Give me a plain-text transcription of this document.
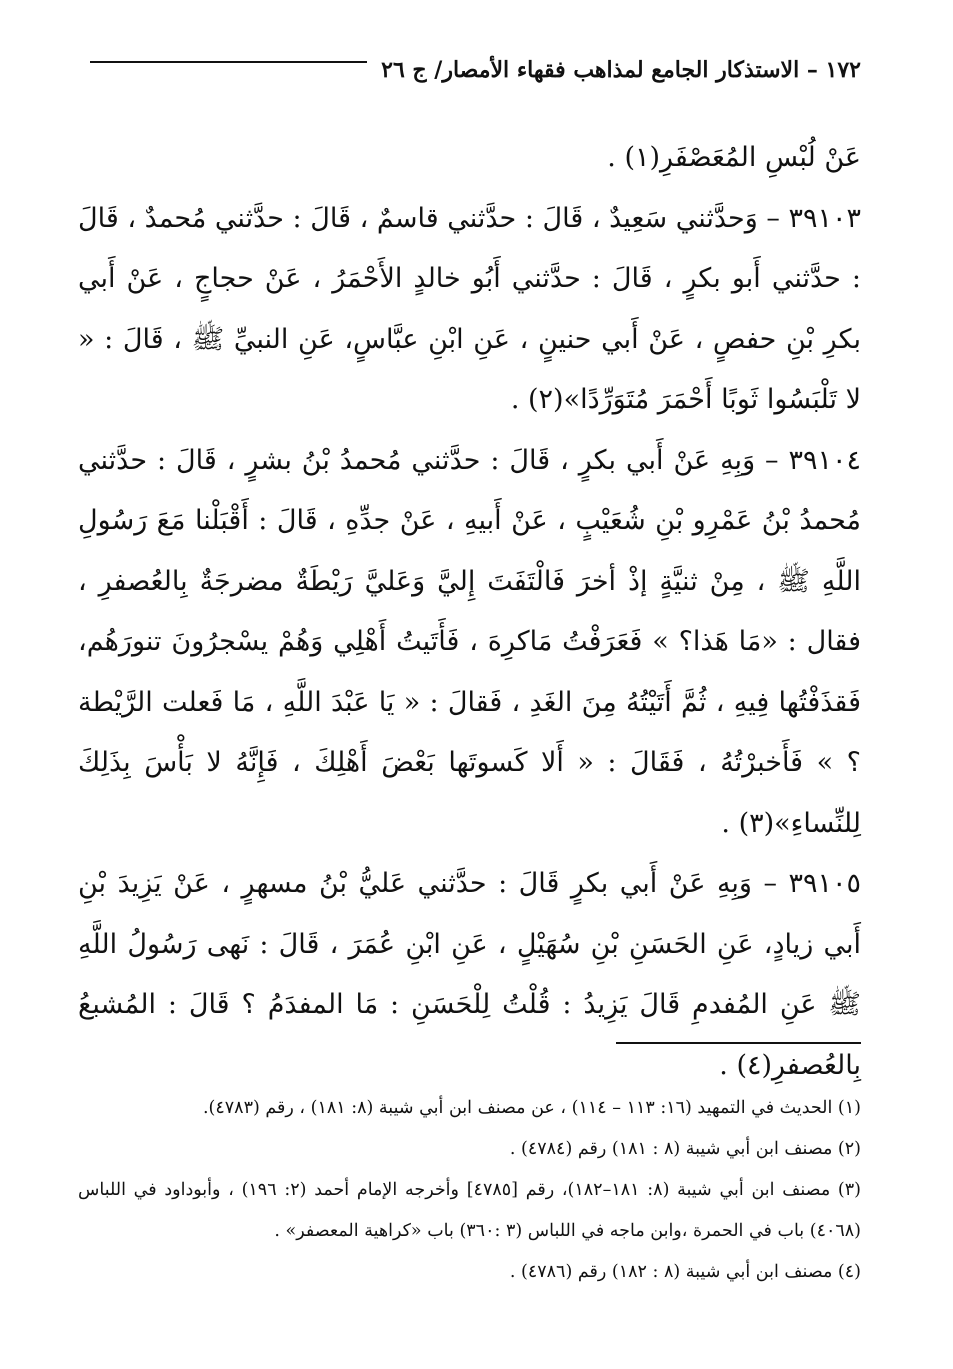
١٧٢ – الاستذكار الجامع لمذاهب فقهاء الأمصار/ ج ٢٦

عَنْ لُبْسِ المُعَصْفَرِ(١) .

٣٩١٠٣ – وَحدَّثني سَعِيدٌ ، قَالَ : حدَّثني قاسمٌ ، قَالَ : حدَّثني مُحمدٌ ، قَالَ : حدَّثني أَبو بكرٍ ، قَالَ : حدَّثني أَبُو خالدٍ الأَحْمَرُ ، عَنْ حجاجٍ ، عَنْ أَبي بكرِ بْنِ حفصٍ ، عَنْ أَبي حنينٍ ، عَنِ ابْنِ عبَّاسٍ، عَنِ النبيِّ ﷺ ، قَالَ : « لا تَلْبَسُوا ثَوبًا أَحْمَرَ مُتَوَرِّدًا»(٢) .

٣٩١٠٤ – وَبِهِ عَنْ أَبي بكرٍ ، قَالَ : حدَّثني مُحمدُ بْنُ بشرٍ ، قَالَ : حدَّثني مُحمدُ بْنُ عَمْرِو بْنِ شُعَيْبٍ ، عَنْ أَبيهِ ، عَنْ جدِّهِ ، قَالَ : أَقْبَلْنا مَعَ رَسُولِ اللَّهِ ﷺ ، مِنْ ثنيَّةٍ إذْ أخرَ فَالْتَفَتَ إِليَّ وَعَليَّ رَيْطَةٌ مضرجَةٌ بِالعُصفرِ ، فقال : «مَا هَذا؟ » فَعَرَفْتُ مَاكرِهَ ، فَأَتَيتُ أَهْلِي وَهُمْ يسْجرُونَ تنورَهُم، فَقذَفْتُها فِيهِ ، ثُمَّ أَتَيْتُهُ مِنَ الغَدِ ، فَقالَ : « يَا عَبْدَ اللَّهِ ، مَا فَعلت الرَّيْطة ؟ » فَأَخبرْتُهُ ، فَقَالَ : « أَلا كَسوتَها بَعْضَ أَهْلِكَ ، فَإِنَّهُ لا بَأْسَ بِذَلِكَ لِلنِّساءِ»(٣) .

٣٩١٠٥ – وَبِهِ عَنْ أَبي بكرٍ قَالَ : حدَّثني عَليُّ بْنُ مسهرٍ ، عَنْ يَزِيدَ بْنِ أَبي زيادٍ، عَنِ الحَسَنِ بْنِ سُهَيْلٍ ، عَنِ ابْنِ عُمَرَ ، قَالَ : نَهى رَسُولُ اللَّهِ ﷺ عَنِ المُفدمِ قَالَ يَزِيدُ : قُلْتُ لِلْحَسَنِ : مَا المفدَمُ ؟ قَالَ : المُشبعُ بِالعُصفرِ(٤) .

(١) الحديث في التمهيد (١٦: ١١٣ – ١١٤) ، عن مصنف ابن أبي شيبة (٨: ١٨١) ، رقم (٤٧٨٣).

(٢) مصنف ابن أبي شيبة (٨ : ١٨١) رقم (٤٧٨٤) .

(٣) مصنف ابن أبي شيبة (٨: ١٨١–١٨٢)، رقم [٤٧٨٥] وأخرجه الإمام أحمد (٢: ١٩٦) ، وأبوداود في اللباس (٤٠٦٨) باب في الحمرة ،وابن ماجه في اللباس (٣ :٣٦٠) باب «كراهية المعصفر» .

(٤) مصنف ابن أبي شيبة (٨ : ١٨٢) رقم (٤٧٨٦) .
